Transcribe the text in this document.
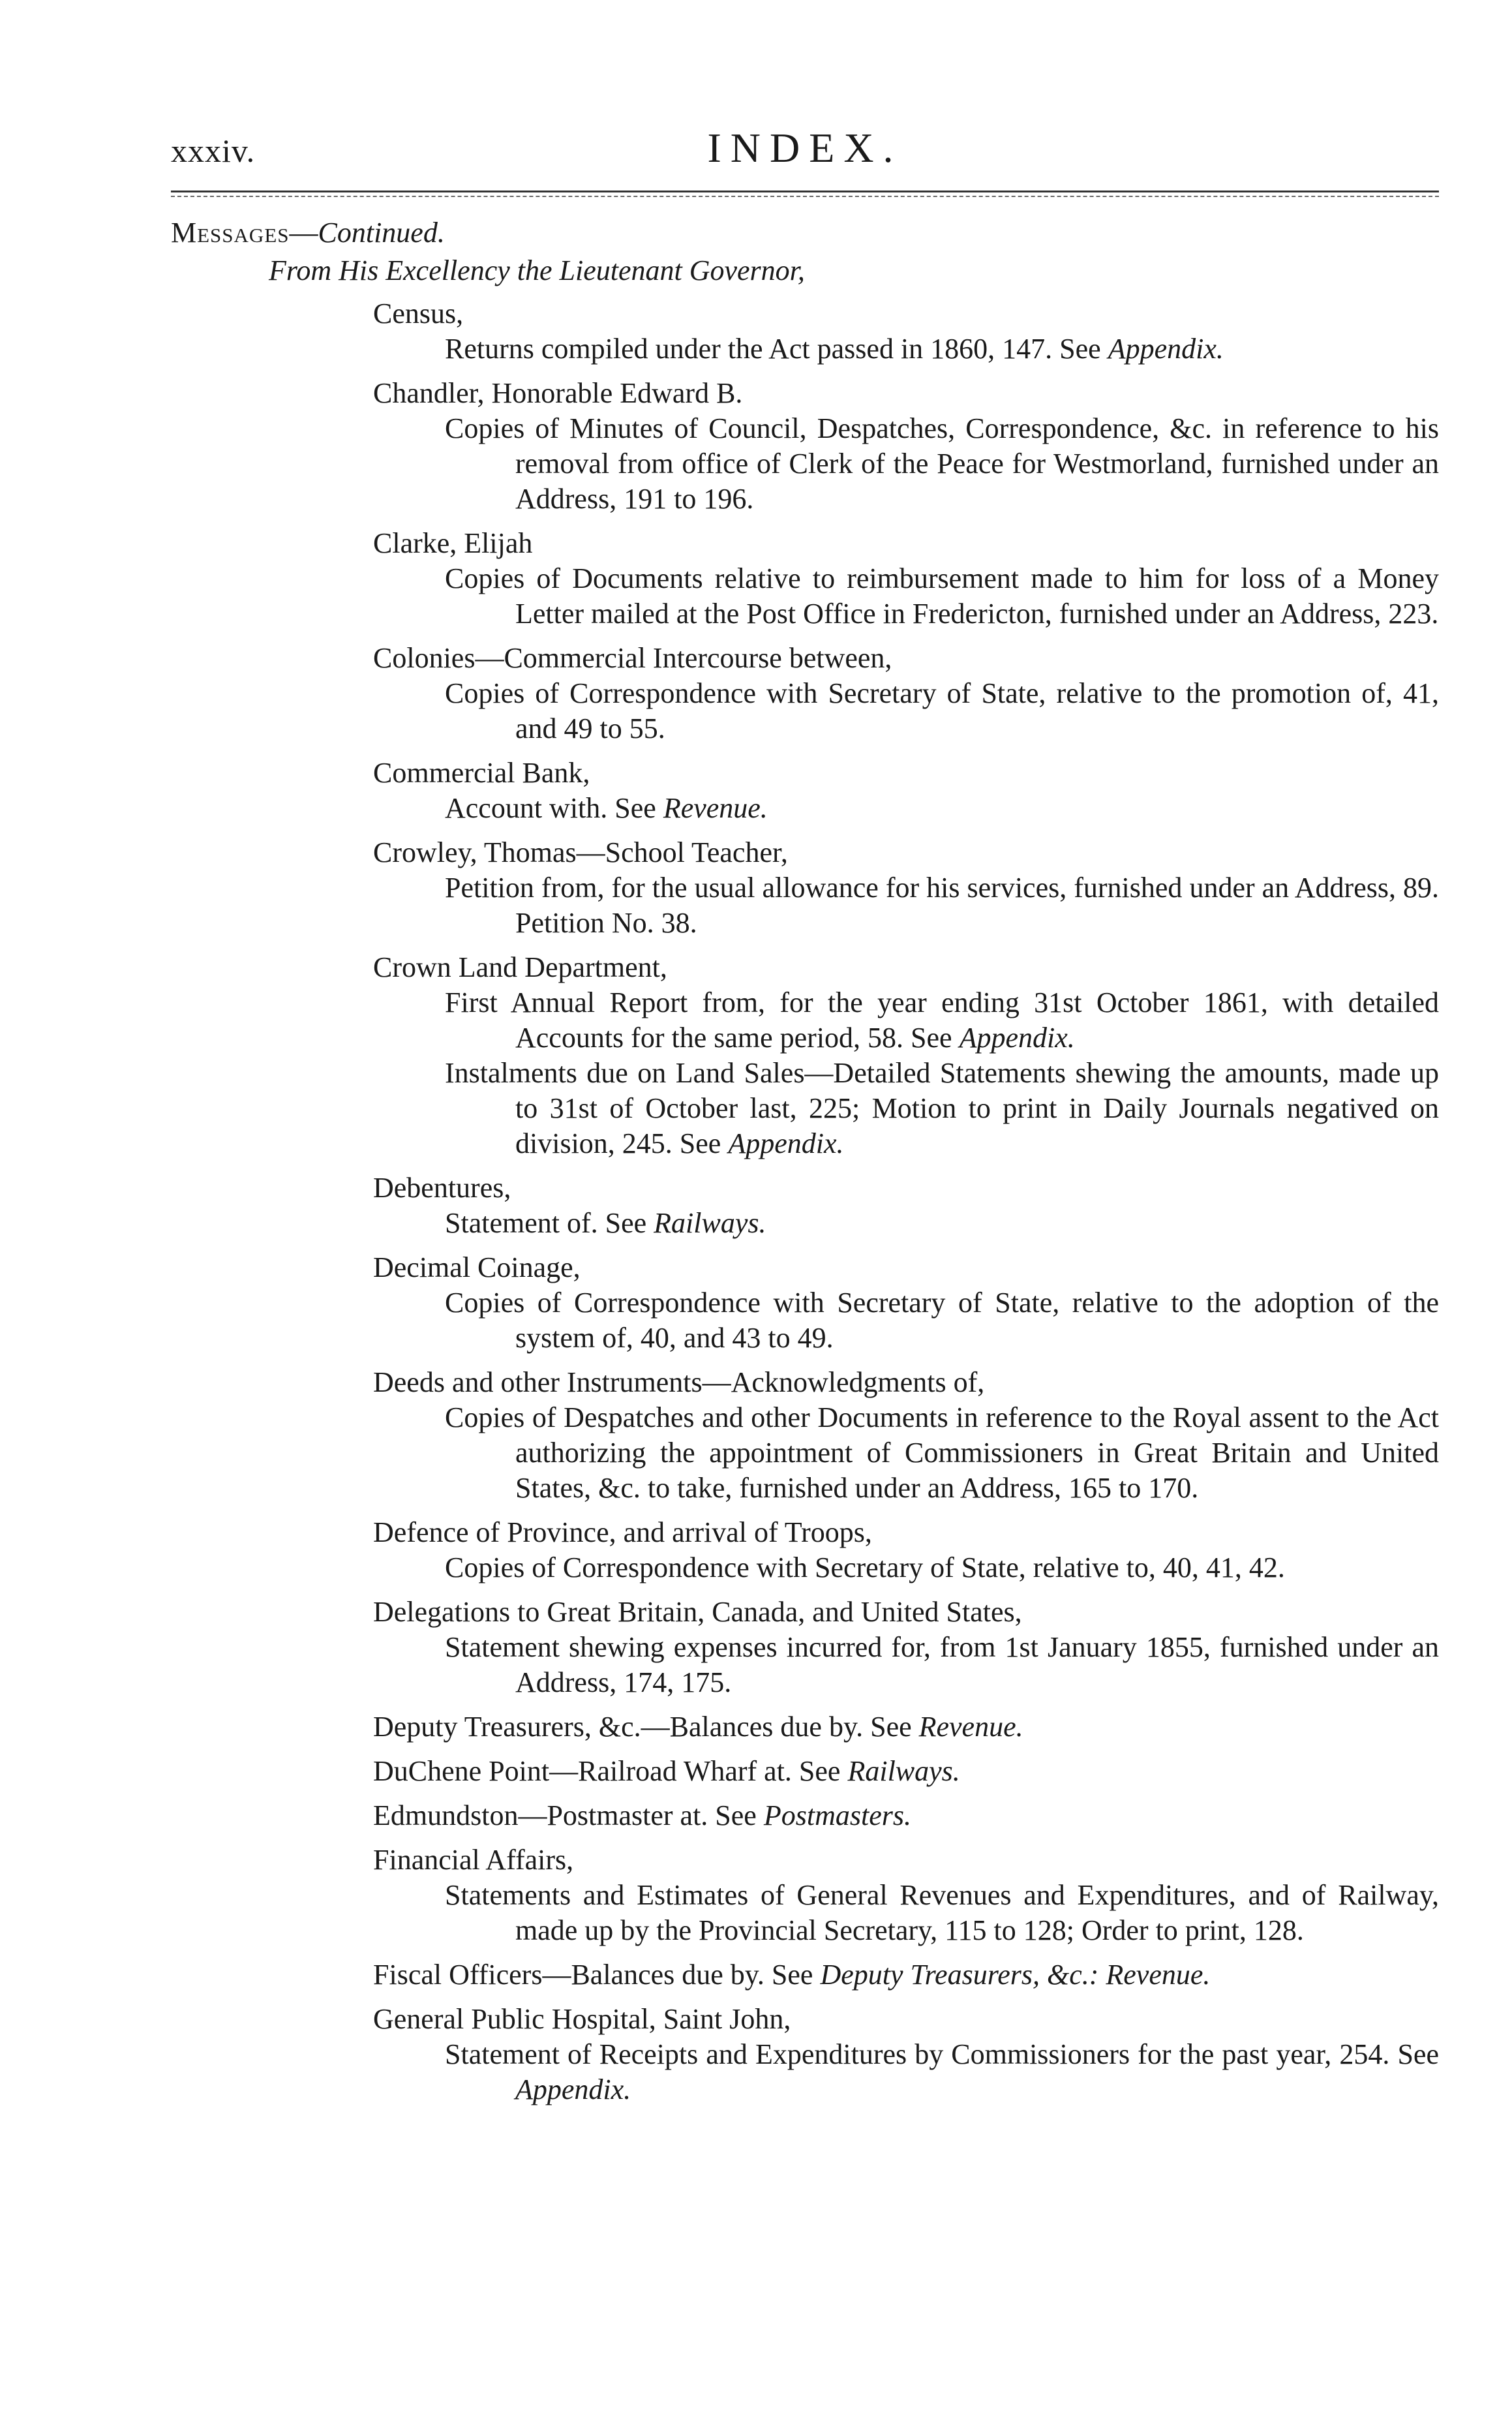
xxxiv.	INDEX.
Messages—Continued.
From His Excellency the Lieutenant Governor,
Census,
Returns compiled under the Act passed in 1860, 147. See Appendix.
Chandler, Honorable Edward B.
Copies of Minutes of Council, Despatches, Correspondence, &c. in reference to his removal from office of Clerk of the Peace for Westmorland, furnished under an Address, 191 to 196.
Clarke, Elijah
Copies of Documents relative to reimbursement made to him for loss of a Money Letter mailed at the Post Office in Fredericton, furnished under an Address, 223.
Colonies—Commercial Intercourse between,
Copies of Correspondence with Secretary of State, relative to the promotion of, 41, and 49 to 55.
Commercial Bank,
Account with. See Revenue.
Crowley, Thomas—School Teacher,
Petition from, for the usual allowance for his services, furnished under an Address, 89. Petition No. 38.
Crown Land Department,
First Annual Report from, for the year ending 31st October 1861, with detailed Accounts for the same period, 58. See Appendix.
Instalments due on Land Sales—Detailed Statements shewing the amounts, made up to 31st of October last, 225; Motion to print in Daily Journals negatived on division, 245. See Appendix.
Debentures,
Statement of. See Railways.
Decimal Coinage,
Copies of Correspondence with Secretary of State, relative to the adoption of the system of, 40, and 43 to 49.
Deeds and other Instruments—Acknowledgments of,
Copies of Despatches and other Documents in reference to the Royal assent to the Act authorizing the appointment of Commissioners in Great Britain and United States, &c. to take, furnished under an Address, 165 to 170.
Defence of Province, and arrival of Troops,
Copies of Correspondence with Secretary of State, relative to, 40, 41, 42.
Delegations to Great Britain, Canada, and United States,
Statement shewing expenses incurred for, from 1st January 1855, furnished under an Address, 174, 175.
Deputy Treasurers, &c.—Balances due by. See Revenue.
DuChene Point—Railroad Wharf at. See Railways.
Edmundston—Postmaster at. See Postmasters.
Financial Affairs,
Statements and Estimates of General Revenues and Expenditures, and of Railway, made up by the Provincial Secretary, 115 to 128; Order to print, 128.
Fiscal Officers—Balances due by. See Deputy Treasurers, &c.: Revenue.
General Public Hospital, Saint John,
Statement of Receipts and Expenditures by Commissioners for the past year, 254. See Appendix.
